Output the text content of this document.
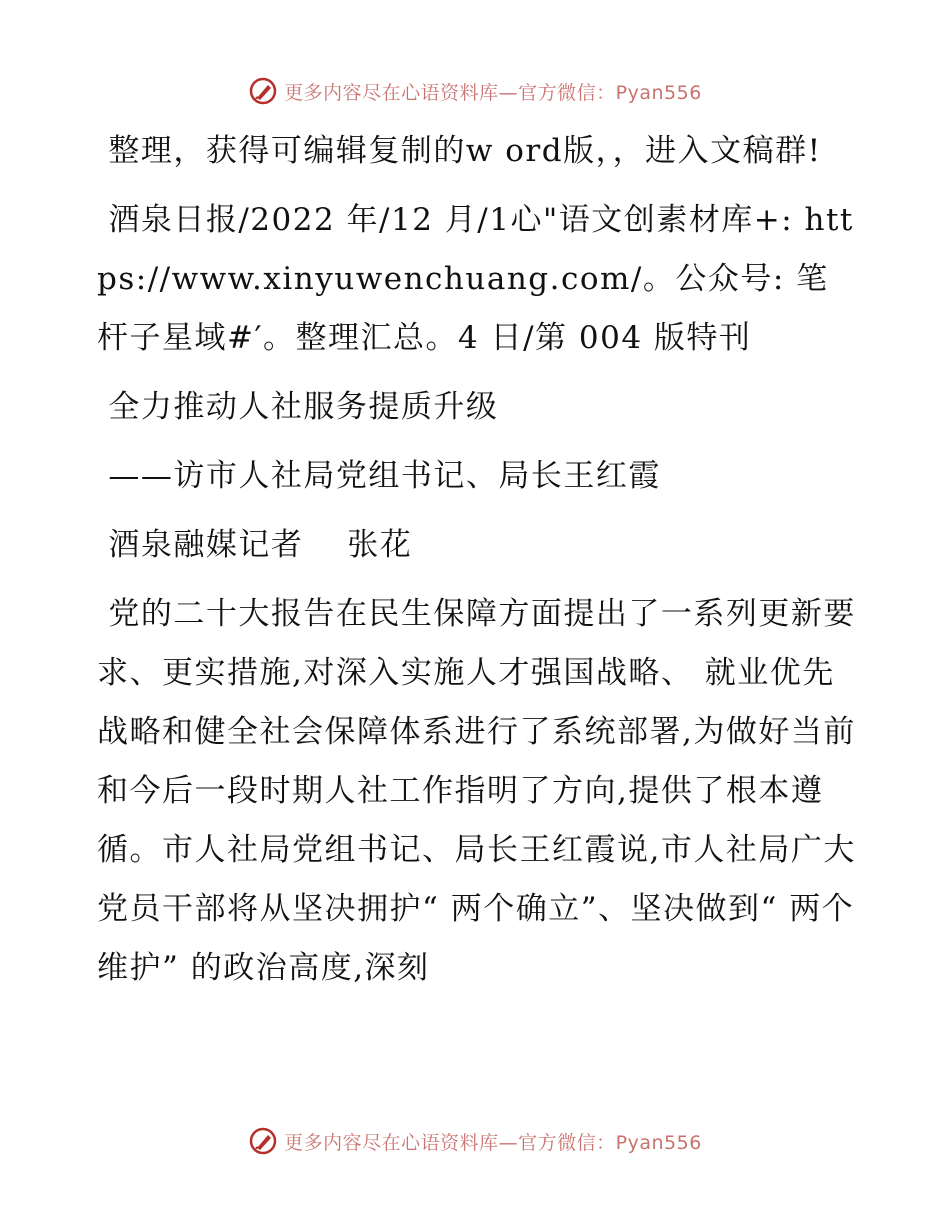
更多内容尽在心语资料库—官方微信：Pyan556

整理，获得可编辑复制的w ord版，，进入文稿群!

酒泉日报/2022 年/12 月/1心"语文创素材库+: https://www.xinyuwenchuang.com/。公众号: 笔杆子星域#′。整理汇总。4 日/第 004 版特刊

全力推动人社服务提质升级

——访市人社局党组书记、局长王红霞

酒泉融媒记者　 张花

党的二十大报告在民生保障方面提出了一系列更新要求、更实措施,对深入实施人才强国战略、 就业优先战略和健全社会保障体系进行了系统部署,为做好当前和今后一段时期人社工作指明了方向,提供了根本遵循。市人社局党组书记、局长王红霞说,市人社局广大党员干部将从坚决拥护“ 两个确立”、坚决做到“ 两个维护” 的政治高度,深刻

更多内容尽在心语资料库—官方微信：Pyan556
